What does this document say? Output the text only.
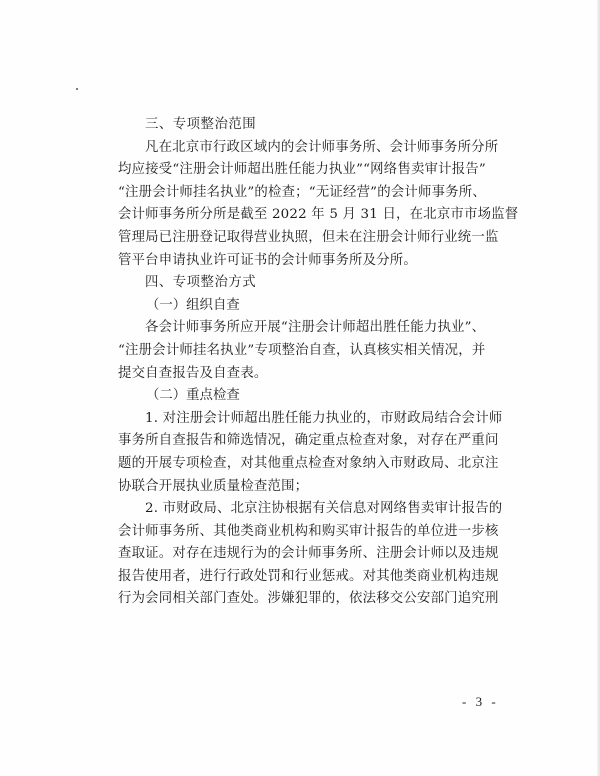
三、专项整治范围
凡在北京市行政区域内的会计师事务所、会计师事务所分所
均应接受“注册会计师超出胜任能力执业”“网络售卖审计报告”
“注册会计师挂名执业”的检查；“无证经营”的会计师事务所、
会计师事务所分所是截至 2022 年 5 月 31 日，在北京市市场监督
管理局已注册登记取得营业执照，但未在注册会计师行业统一监
管平台申请执业许可证书的会计师事务所及分所。
四、专项整治方式
（一）组织自查
各会计师事务所应开展“注册会计师超出胜任能力执业”、
“注册会计师挂名执业”专项整治自查，认真核实相关情况，并
提交自查报告及自查表。
（二）重点检查
1. 对注册会计师超出胜任能力执业的，市财政局结合会计师
事务所自查报告和筛选情况，确定重点检查对象，对存在严重问
题的开展专项检查，对其他重点检查对象纳入市财政局、北京注
协联合开展执业质量检查范围；
2. 市财政局、北京注协根据有关信息对网络售卖审计报告的
会计师事务所、其他类商业机构和购买审计报告的单位进一步核
查取证。对存在违规行为的会计师事务所、注册会计师以及违规
报告使用者，进行行政处罚和行业惩戒。对其他类商业机构违规
行为会同相关部门查处。涉嫌犯罪的，依法移交公安部门追究刑
- 3 -
